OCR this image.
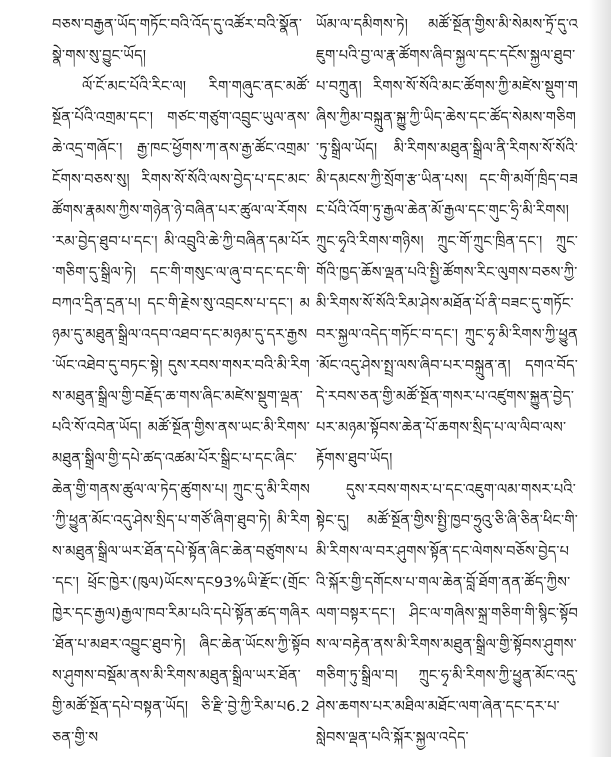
བཅས་བརྒྱན་ཡོད་གཏོང་བའི་འོད་དུ་འཚོར་བའི་སྣོན་སྣེ་གས་སུ་བྱུང་ཡོད།

ལོ་ངོ་མང་པོའི་རིང་ལ། རིག་གཞུང་ནང་མཚོ་སྔོན་པོའི་འགྲམ་དང་། གཙང་གཙུག་འབྲུང་ཡུལ་ནས་ཆེ་འདྲ་གཞོང་། རྒྱ་ཁང་ཕྱོགས་ཀ་ནས་རྒྱ་ཚོང་འགྲམ་ངོགས་བཅས་སུ། རིགས་སོ་སོའི་ལས་བྱེད་པ་དང་མང་ཚོགས་རྣམས་ཀྱིས་གཉེན་ཉེ་བཞིན་པར་ཚུལ་ལ་རོགས་རམ་བྱེད་ཐུབ་པ་དང་། མི་འབྲུའི་ཆེ་ཀྱི་བཞིན་དམ་པོར་གཅིག་དུ་སྒྲིལ་ཏེ། དང་གི་གསུང་ལ་ཞུ་བ་དང་དང་གི་བཀའ་དྲིན་དྲན་པ། དང་གི་རྗེས་སུ་འབྲངས་པ་དང་། མཉམ་དུ་མཐུན་སྒྲིལ་འདབ་འཐབ་དང་མཉམ་དུ་དར་རྒྱས་ཡོང་འཐེབ་དུ་བཏང་སྟེ། དུས་རབས་གསར་བའི་མི་རིགས་མཐུན་སྒྲིལ་གྱི་བརྗོད་ཆ་གས་ཞིང་མཛེས་སྡུག་ལྡན་པའི་སོ་འབེན་ཡོད། མཚོ་སྔོན་གྱིས་ནས་ཡང་མི་རིགས་མཐུན་སྒྲིལ་གྱི་དཔེ་ཚད་འཚམ་པོར་སྒྲིང་པ་དང་ཞིང་ཆེན་གྱི་གནས་ཚུལ་ལ་ཏེད་ཚུགས་པ། ཀྲུང་དུ་མི་རིགས་ཀྱི་ཕྱུན་མོང་འདུ་ཤེས་སྲིད་པ་གཙོ་ཞིག་ཐུབ་ཏེ། མི་རིགས་མཐུན་སྒྲིལ་ཡར་ཐོན་དཔེ་སྟོན་ཞིང་ཆེན་བཙུགས་པ་དང་། ཕྲོང་ཁྱེར་(ཁུལ)ཡོངས་དང93%ཡི་རྫོང་(གྲོང་ཁྱེར་དང་རྒྱལ)རྒྱལ་ཁབ་རིམ་པའི་དཔེ་སྟོན་ཚད་གཞིར་ཐོན་པ་མཐར་འབྱུང་ཐུབ་ཏེ། ཞིང་ཆེན་ཡོངས་ཀྱི་སྟོབས་ཤུགས་བསྡོམ་ནས་མི་རིགས་མཐུན་སྒྲིལ་ཡར་ཐོན་གྱི་མཚོ་སྔོན་དཔེ་བསྟན་ཡོད། ཅི་རྫི་བྱེ་ཀྱི་རིམ་པ6.2ཅན་གྱི་ས

ཡོམ་ལ་དམིགས་ཏེ། མཚོ་སྔོན་གྱིས་མི་སེམས་ཏྲོ་དུ་འཇུག་པའི་བྱ་ལ་རྣ་ཚོགས་ཞིབ་སྐྱལ་དང་དངོས་སྐྱལ་ཐུབ་པ་བཀྲུན། རིགས་སོ་སོའི་མང་ཚོགས་ཀྱི་མཛེས་སྡུག་གཞིས་ཀྱིམ་བསྐྲུན་སྐྱུ་ཀྱི་ཡིད་ཆེས་དང་ཚོད་སེམས་གཅིག་ཏུ་སྒྲིལ་ཡོད། མི་རིགས་མཐུན་སྒྲིལ་ནི་རིགས་སོ་སོའི་མི་དམངས་ཀྱི་སྲོག་རྩ་ཡིན་པས། དང་གི་མགོ་ཁྲིད་བཟང་པོའི་འོག་ཏུ་རྒྱལ་ཆེན་མོ་རྒྱལ་དང་གུང་ཧྲི་མི་རིགས། ཀྲུང་ཧྭའི་རིགས་གཉིས། ཀྲུང་གོ་ཀྲུང་ཁྲིན་དང་། ཀྲུང་གོའི་ཁྱད་ཆོས་ལྡན་པའི་སྤྱི་ཚོགས་རིང་ལུགས་བཅས་ཀྱི་མི་རིགས་སོ་སོའི་རིམ་ཤེས་མཐོན་པོ་ནི་བཟང་དུ་གཏོང་བར་སྐྱལ་འདེད་གཏོང་བ་དང་། ཀྲུང་ཧྭ་མི་རིགས་ཀྱི་ཕྱུན་མོང་འདུ་ཤེས་སྤྲ་ལས་ཞིབ་པར་བསྐྲུན་ན། དགའ་བོད་དེ་རབས་ཅན་གྱི་མཚོ་སྔོན་གསར་པ་འཛུགས་སྐྱུན་བྱེད་པར་མཉམ་སྟོབས་ཆེན་པོ་ཆགས་སྲིད་པ་ལ་ལིབ་ལས་རྟོགས་ཐུབ་ཡོད།

དུས་རབས་གསར་པ་དང་འཇུག་ལམ་གསར་པའི་སྟེང་དུ། མཚོ་སྔོན་གྱིས་སྤྱི་ཁྱབ་ཧྲུའུ་ཅི་ཞི་ཅིན་ཕིང་གི་མི་རིགས་ལ་བར་ཤུགས་སྟོན་དང་ལེགས་བཅོས་བྱེད་པའི་སྐོར་གྱི་དགོངས་པ་གལ་ཆེན་བློ་ཐོག་ནན་ཚོད་ཀྱིས་ལག་བསྟར་དང་། ཤིང་ལ་གཞིས་སྐྲ་གཅིག་གི་སྙིང་སྟོབས་ལ་བརྟེན་ནས་མི་རིགས་མཐུན་སྒྲིལ་གྱི་སྟོབས་ཤུགས་གཅིག་ཏུ་སྒྲིལ་བ། ཀྲུང་ཧྭ་མི་རིགས་ཀྱི་ཕྱུན་མོང་འདུ་ཤེས་ཆགས་པར་མཐིལ་མཐོང་ལག་ཞེན་དང་དར་པ་སླེབས་ལྡན་པའི་སྐོར་སྐྱལ་འདེད་
